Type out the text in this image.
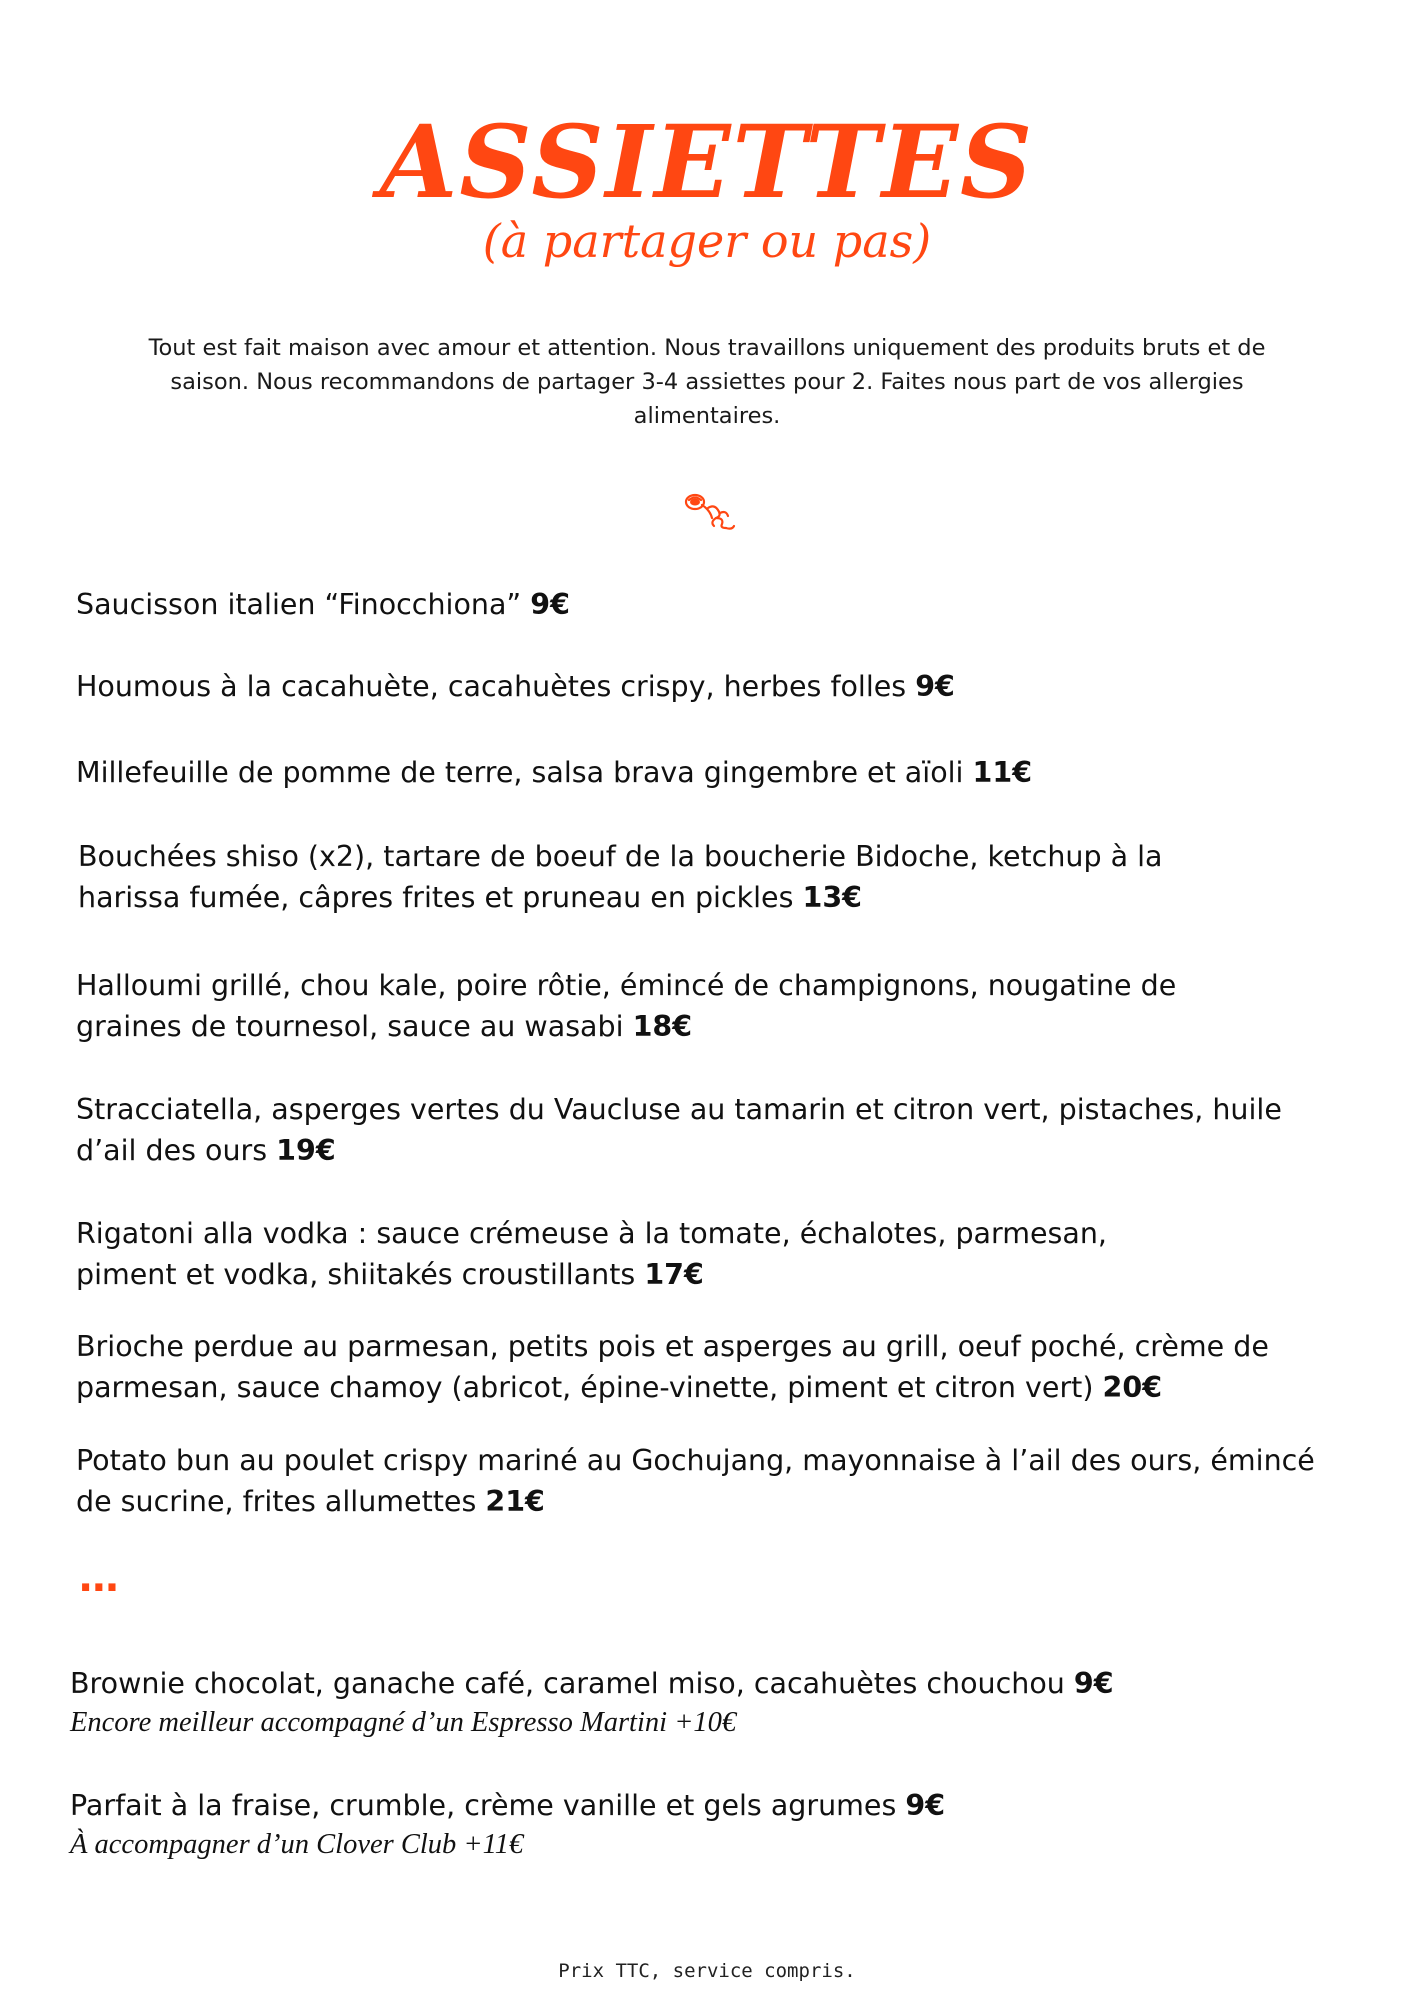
ASSIETTES
(à partager ou pas)
Tout est fait maison avec amour et attention. Nous travaillons uniquement des produits bruts et de saison. Nous recommandons de partager 3-4 assiettes pour 2. Faites nous part de vos allergies alimentaires.
Saucisson italien “Finocchiona” 9€
Houmous à la cacahuète, cacahuètes crispy, herbes folles 9€
Millefeuille de pomme de terre, salsa brava gingembre et aïoli 11€
Bouchées shiso (x2), tartare de boeuf de la boucherie Bidoche, ketchup à la harissa fumée, câpres frites et pruneau en pickles 13€
Halloumi grillé, chou kale, poire rôtie, émincé de champignons, nougatine de graines de tournesol, sauce au wasabi 18€
Stracciatella, asperges vertes du Vaucluse au tamarin et citron vert, pistaches, huile d’ail des ours 19€
Rigatoni alla vodka : sauce crémeuse à la tomate, échalotes, parmesan, piment et vodka, shiitakés croustillants 17€
Brioche perdue au parmesan, petits pois et asperges au grill, oeuf poché, crème de parmesan, sauce chamoy (abricot, épine-vinette, piment et citron vert) 20€
Potato bun au poulet crispy mariné au Gochujang, mayonnaise à l’ail des ours, émincé de sucrine, frites allumettes 21€
...
Brownie chocolat, ganache café, caramel miso, cacahuètes chouchou 9€
Encore meilleur accompagné d’un Espresso Martini +10€
Parfait à la fraise, crumble, crème vanille et gels agrumes 9€
À accompagner d’un Clover Club +11€
Prix TTC, service compris.
